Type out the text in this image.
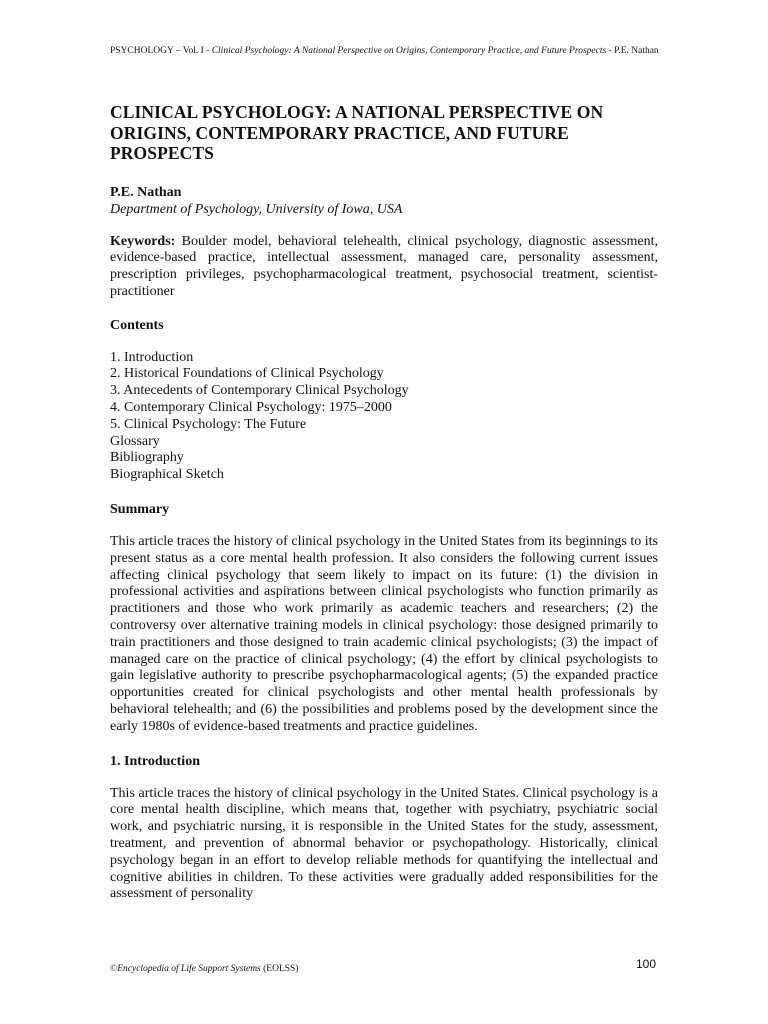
PSYCHOLOGY – Vol. I - Clinical Psychology: A National Perspective on Origins, Contemporary Practice, and Future Prospects - P.E. Nathan
CLINICAL PSYCHOLOGY: A NATIONAL PERSPECTIVE ON ORIGINS, CONTEMPORARY PRACTICE, AND FUTURE PROSPECTS
P.E. Nathan
Department of Psychology, University of Iowa, USA

Keywords: Boulder model, behavioral telehealth, clinical psychology, diagnostic assessment, evidence-based practice, intellectual assessment, managed care, personality assessment, prescription privileges, psychopharmacological treatment, psychosocial treatment, scientist-practitioner

Contents
1. Introduction
2. Historical Foundations of Clinical Psychology
3. Antecedents of Contemporary Clinical Psychology
4. Contemporary Clinical Psychology: 1975–2000
5. Clinical Psychology: The Future
Glossary
Bibliography
Biographical Sketch
Summary

This article traces the history of clinical psychology in the United States from its beginnings to its present status as a core mental health profession. It also considers the following current issues affecting clinical psychology that seem likely to impact on its future: (1) the division in professional activities and aspirations between clinical psychologists who function primarily as practitioners and those who work primarily as academic teachers and researchers; (2) the controversy over alternative training models in clinical psychology: those designed primarily to train practitioners and those designed to train academic clinical psychologists; (3) the impact of managed care on the practice of clinical psychology; (4) the effort by clinical psychologists to gain legislative authority to prescribe psychopharmacological agents; (5) the expanded practice opportunities created for clinical psychologists and other mental health professionals by behavioral telehealth; and (6) the possibilities and problems posed by the development since the early 1980s of evidence-based treatments and practice guidelines.

1. Introduction

This article traces the history of clinical psychology in the United States. Clinical psychology is a core mental health discipline, which means that, together with psychiatry, psychiatric social work, and psychiatric nursing, it is responsible in the United States for the study, assessment, treatment, and prevention of abnormal behavior or psychopathology. Historically, clinical psychology began in an effort to develop reliable methods for quantifying the intellectual and cognitive abilities in children. To these activities were gradually added responsibilities for the assessment of personality

©Encyclopedia of Life Support Systems (EOLSS)	100
